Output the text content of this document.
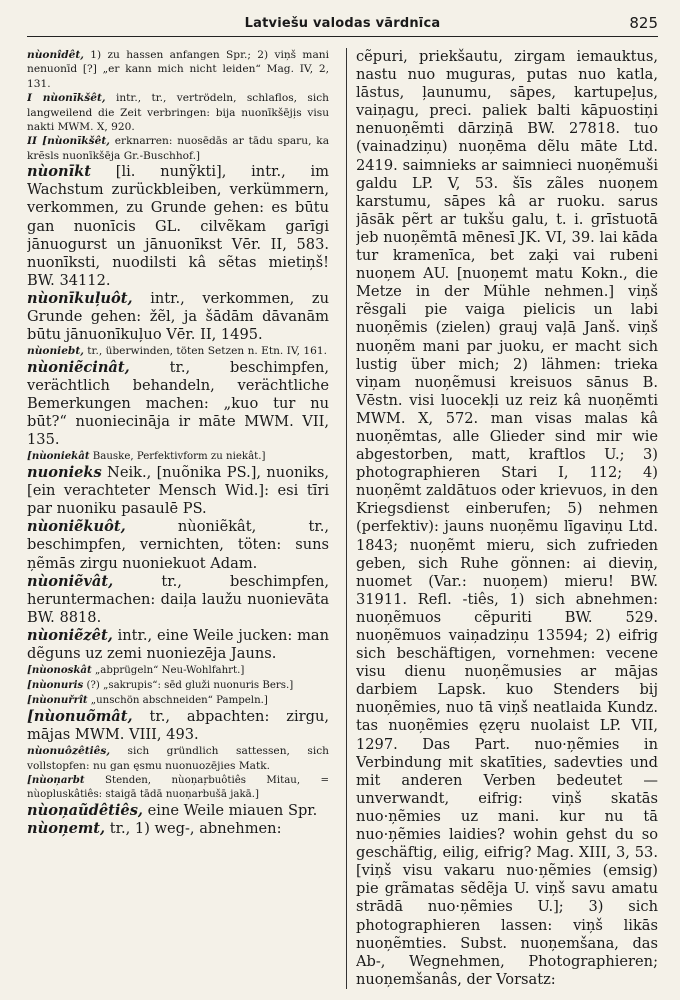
Latviešu valodas vārdnīca	825

nùonîdêt, 1) zu hassen anfangen Spr.; 2) viņš mani nenuonīd [?] „er kann mich nicht leiden“ Mag. IV, 2, 131.

I nùonīkšêt, intr., tr., vertrödeln, schlaflos, sich langweilend die Zeit verbringen: bija nuonīkšēji̦s visu nakti MWM. X, 920.

II [nùonīkšêt, erknarren: nuosēdās ar tādu sparu, ka krẽsls nuonīkšēja Gr.-Buschhof.]

nùonīkt [li. nunỹkti], intr., im Wachstum zurückbleiben, verkümmern, verkommen, zu Grunde gehen: es būtu gan nuonīcis GL. cilvẽkam garīgi jānuogurst un jānuonīkst Vēr. II, 583. nuonīksti, nuodilsti kâ sẽtas mietiņš! BW. 34112.

nùonīkuļuôt, intr., verkommen, zu Grunde gehen: žẽl, ja šādām dāvanām būtu jānuonīkuļuo Vēr. II, 1495.

nùoniebt, tr., überwinden, töten Setzen n. Etn. IV, 161.

nùoniẽcinât, tr., beschimpfen, verächtlich behandeln, verächtliche Bemerkungen machen: „kuo tur nu būt?“ nuoniecināja ir māte MWM. VII, 135.

[nùoniekât Bauske, Perfektivform zu niekât.]

nuonieks Neik., [nuõnika PS.], nuoniks, [ein verachteter Mensch Wid.]: esi tīri par nuoniku pasaulē PS.

nùoniẽkuôt, nùoniẽkât, tr., beschimpfen, vernichten, töten: suns ņẽmās zirgu nuoniekuot Adam.

nùoniẽvât, tr., beschimpfen, heruntermachen: daiļa laužu nuonievāta BW. 8818.

nùoniẽzêt, intr., eine Weile jucken: man dẽguns uz zemi nuoniezēja Jauns.

[nùonoskât „abprügeln“ Neu-Wohlfahrt.]

[nùonuris (?) „sakrupis“: sēd gluži nuonuris Bers.]

[nùonuřrît „unschön abschneiden“ Pampeln.]

[nùonuõmât, tr., abpachten: zirgu, mājas MWM. VIII, 493.

nùonuôzêtiês, sich gründlich sattessen, sich vollstopfen: nu gan ęsmu nuonuozējies Matk.

[nùoņarbt Stenden, nùoņaŗbuôtiês Mitau, = nùopluskâtiês: staigā tādā nuoņarbušā jakā.]

nùoņaũdêtiês, eine Weile miauen Spr.

nùoņemt, tr., 1) weg-, abnehmen:

cẽpuri, priekšautu, zirgam iemauktus, nastu nuo muguras, putas nuo katla, lāstus, ļaunumu, sāpes, kartupeļus, vaiņagu, preci. paliek balti kāpuostiņi nenuoņẽmti dārziņā BW. 27818. tuo (vainadziņu) nuoņēma dẽlu māte Ltd. 2419. saimnieks ar saimnieci nuoņẽmuši galdu LP. V, 53. šīs zãles nuoņem karstumu, sāpes kâ ar ruoku. sarus jāsāk pẽrt ar tukšu galu, t. i. grīstuotā jeb nuoņẽmtā mēnesī JK. VI, 39. lai kāda tur kramenīca, bet zaķi vai rubeni nuoņem AU. [nuoņemt matu Kokn., die Metze in der Mühle nehmen.] viņš rẽsgali pie vaiga pielicis un labi nuoņẽmis (zielen) grauj vaļā Janš. viņš nuoņẽm mani par juoku, er macht sich lustig über mich; 2) lähmen: trieka viņam nuoņẽmusi kreisuos sānus B. Vēstn. visi luocekļi uz reiz kâ nuoņẽmti MWM. X, 572. man visas malas kâ nuoņẽmtas, alle Glieder sind mir wie abgestorben, matt, kraftlos U.; 3) photographieren Stari I, 112; 4) nuoņẽmt zaldātuos oder krievuos, in den Kriegsdienst einberufen; 5) nehmen (perfektiv): jauns nuoņẽmu līgaviņu Ltd. 1843; nuoņẽmt mieru, sich zufrieden geben, sich Ruhe gönnen: ai dieviņ, nuomet (Var.: nuoņem) mieru! BW. 31911. Refl. -tiês, 1) sich abnehmen: nuoņẽmuos cẽpuriti BW. 529. nuoņẽmuos vaiņadziņu 13594; 2) eifrig sich beschäftigen, vornehmen: vecene visu dienu nuoņẽmusies ar mājas darbiem Lapsk. kuo Stenders bij nuoņẽmies, nuo tā viņš neatlaida Kundz. tas nuoņẽmies ęzęru nuolaist LP. VII, 1297. Das Part. nuo·ņẽmies in Verbindung mit skatīties, sadevties und mit anderen Verben bedeutet — unverwandt, eifrig: viņš skatās nuo·ņẽmies uz mani. kur nu tā nuo·ņẽmies laidies? wohin gehst du so geschäftig, eilig, eifrig? Mag. XIII, 3, 53. [viņš visu vakaru nuo·ņẽmies (emsig) pie grãmatas sẽdẽja U. viņš savu amatu strādā nuo·ņẽmies U.]; 3) sich photographieren lassen: viņš likās nuoņẽmties. Subst. nuoņemšana, das Ab-, Wegnehmen, Photographieren; nuoņemšanâs, der Vorsatz:
